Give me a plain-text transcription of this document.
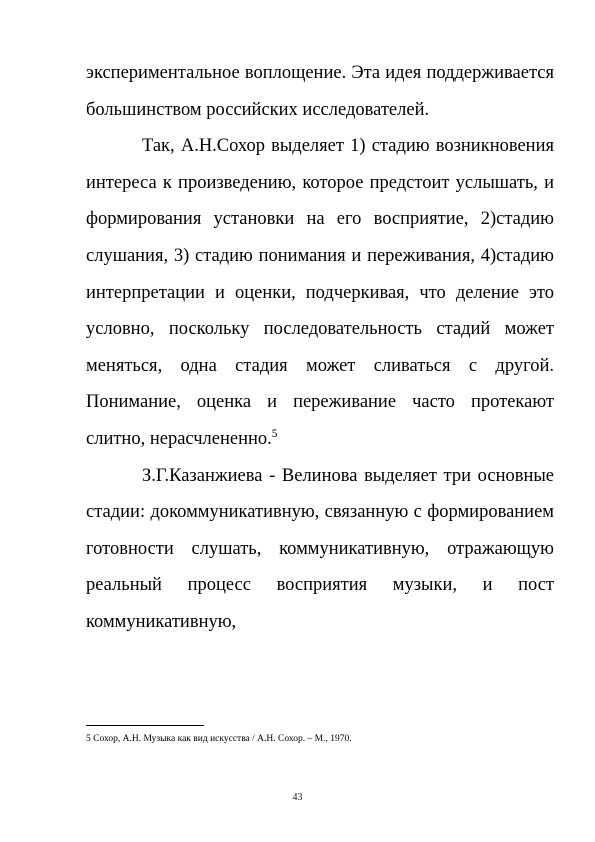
экспериментальное воплощение. Эта идея поддерживается большинством российских исследователей.

Так, А.Н.Сохор выделяет 1) стадию возникновения интереса к произведению, которое предстоит услышать, и формирования установки на его восприятие, 2)стадию слушания, 3) стадию понимания и переживания, 4)стадию интерпретации и оценки, подчеркивая, что деление это условно, поскольку последовательность стадий может меняться, одна стадия может сливаться с другой. Понимание, оценка и переживание часто протекают слитно, нерасчлененно.$^5$

З.Г.Казанжиева - Велинова выделяет три основные стадии: докоммуникативную, связанную с формированием готовности слушать, коммуникативную, отражающую реальный процесс восприятия музыки, и пост коммуникативную,

5 Сохор, А.Н. Музыка как вид искусства / А.Н. Сохор. – М., 1970.
43
